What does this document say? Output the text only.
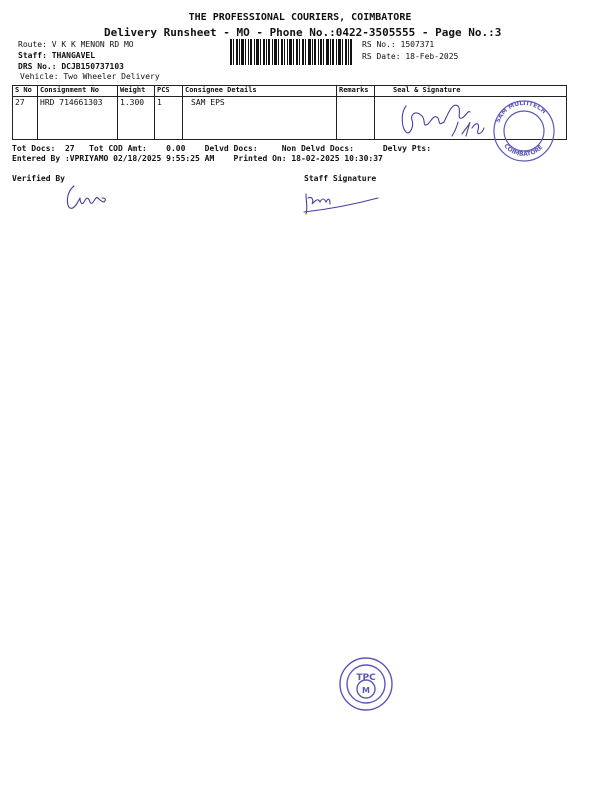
THE PROFESSIONAL COURIERS, COIMBATORE
Delivery Runsheet - MO - Phone No.:0422-3505555 - Page No.:3
Route: V K K MENON RD MO
Staff: THANGAVEL
DRS No.: DCJB150737103
Vehicle: Two Wheeler Delivery
RS No.: 1507371
RS Date: 18-Feb-2025
S No	Consignment No	Weight	PCS	Consignee Details	Remarks	Seal & Signature
27	HRD 714661303	1.300	1	SAM EPS		
SAM MULTITECH
COIMBATORE
Tot Docs:  27   Tot COD Amt:    0.00    Delvd Docs:     Non Delvd Docs:      Delvy Pts:
Entered By :VPRIYAMO 02/18/2025 9:55:25 AM    Printed On: 18-02-2025 10:30:37
Verified By	Staff Signature
TPC
M
